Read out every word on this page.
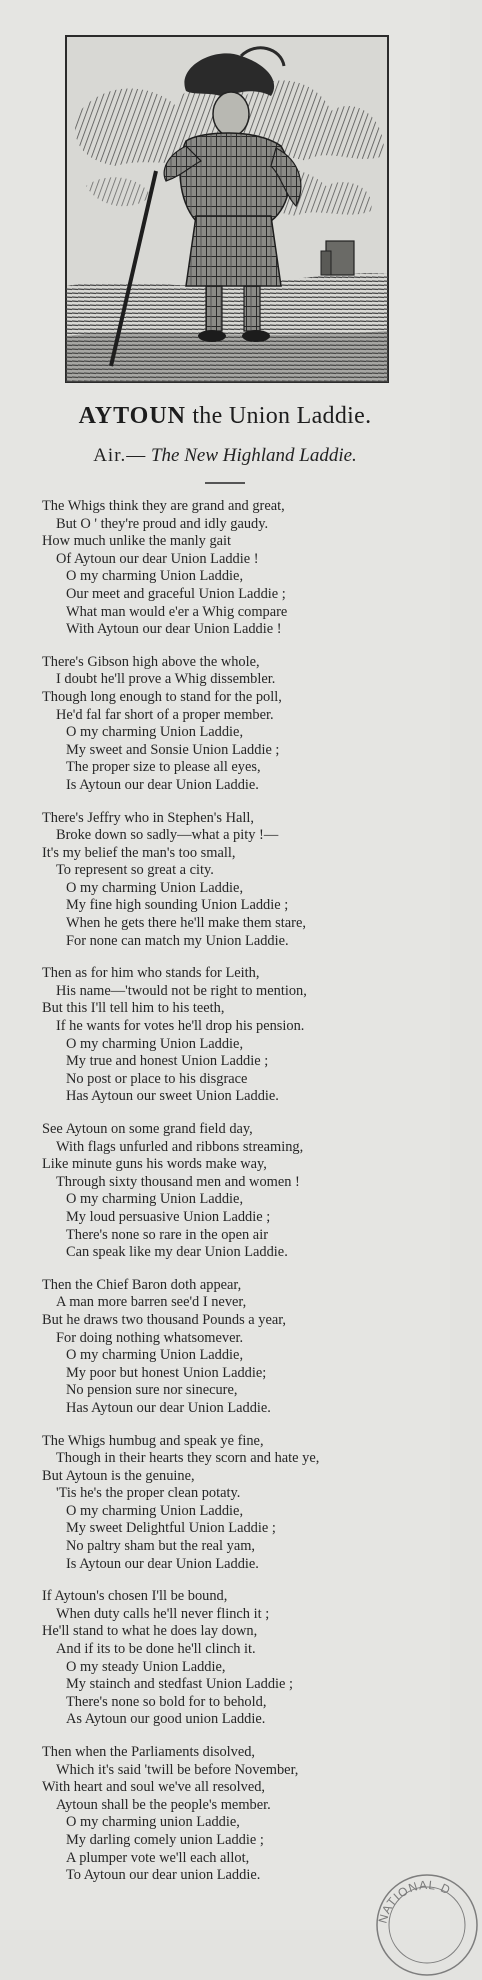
AYTOUN the Union Laddie.
Air.— The New Highland Laddie.
The Whigs think they are grand and great,
But O ' they're proud and idly gaudy.
How much unlike the manly gait
Of Aytoun our dear Union Laddie !
O my charming Union Laddie,
Our meet and graceful Union Laddie ;
What man would e'er a Whig compare
With Aytoun our dear Union Laddie !
There's Gibson high above the whole,
I doubt he'll prove a Whig dissembler.
Though long enough to stand for the poll,
He'd fal far short of a proper member.
O my charming Union Laddie,
My sweet and Sonsie Union Laddie ;
The proper size to please all eyes,
Is Aytoun our dear Union Laddie.
There's Jeffry who in Stephen's Hall,
Broke down so sadly—what a pity !—
It's my belief the man's too small,
To represent so great a city.
O my charming Union Laddie,
My fine high sounding Union Laddie ;
When he gets there he'll make them stare,
For none can match my Union Laddie.
Then as for him who stands for Leith,
His name—'twould not be right to mention,
But this I'll tell him to his teeth,
If he wants for votes he'll drop his pension.
O my charming Union Laddie,
My true and honest Union Laddie ;
No post or place to his disgrace
Has Aytoun our sweet Union Laddie.
See Aytoun on some grand field day,
With flags unfurled and ribbons streaming,
Like minute guns his words make way,
Through sixty thousand men and women !
O my charming Union Laddie,
My loud persuasive Union Laddie ;
There's none so rare in the open air
Can speak like my dear Union Laddie.
Then the Chief Baron doth appear,
A man more barren see'd I never,
But he draws two thousand Pounds a year,
For doing nothing whatsomever.
O my charming Union Laddie,
My poor but honest Union Laddie;
No pension sure nor sinecure,
Has Aytoun our dear Union Laddie.
The Whigs humbug and speak ye fine,
Though in their hearts they scorn and hate ye,
But Aytoun is the genuine,
'Tis he's the proper clean potaty.
O my charming Union Laddie,
My sweet Delightful Union Laddie ;
No paltry sham but the real yam,
Is Aytoun our dear Union Laddie.
If Aytoun's chosen I'll be bound,
When duty calls he'll never flinch it ;
He'll stand to what he does lay down,
And if its to be done he'll clinch it.
O my steady Union Laddie,
My stainch and stedfast Union Laddie ;
There's none so bold for to behold,
As Aytoun our good union Laddie.
Then when the Parliaments disolved,
Which it's said 'twill be before November,
With heart and soul we've all resolved,
Aytoun shall be the people's member.
O my charming union Laddie,
My darling comely union Laddie ;
A plumper vote we'll each allot,
To Aytoun our dear union Laddie.
NATIONAL D
